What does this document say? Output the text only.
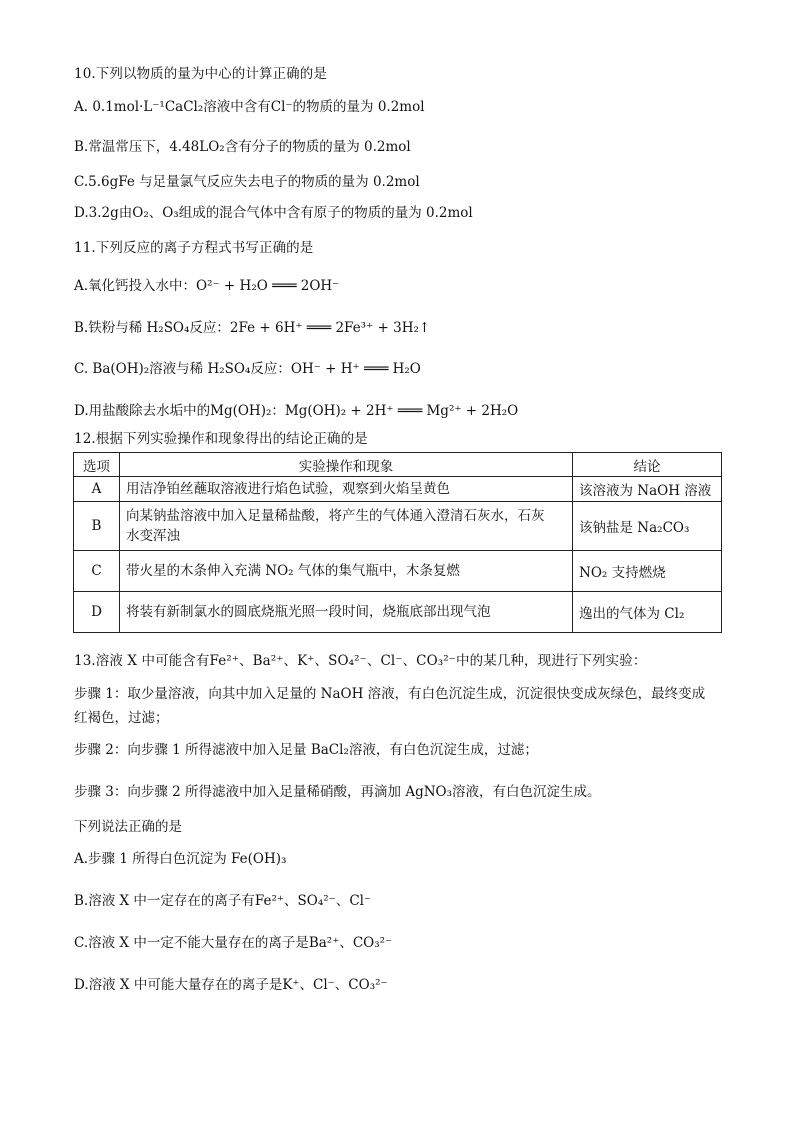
10.下列以物质的量为中心的计算正确的是
A. 0.1mol·L⁻¹CaCl₂溶液中含有Cl⁻的物质的量为 0.2mol
B.常温常压下，4.48LO₂含有分子的物质的量为 0.2mol
C.5.6gFe 与足量氯气反应失去电子的物质的量为 0.2mol
D.3.2g由O₂、O₃组成的混合气体中含有原子的物质的量为 0.2mol
11.下列反应的离子方程式书写正确的是
A.氧化钙投入水中：O²⁻ + H₂O ═══ 2OH⁻
B.铁粉与稀 H₂SO₄反应：2Fe + 6H⁺ ═══ 2Fe³⁺ + 3H₂↑
C. Ba(OH)₂溶液与稀 H₂SO₄反应：OH⁻ + H⁺ ═══ H₂O
D.用盐酸除去水垢中的Mg(OH)₂：Mg(OH)₂ + 2H⁺ ═══ Mg²⁺ + 2H₂O
12.根据下列实验操作和现象得出的结论正确的是
选项	实验操作和现象	结论
A	用洁净铂丝蘸取溶液进行焰色试验，观察到火焰呈黄色	该溶液为 NaOH 溶液
B	向某钠盐溶液中加入足量稀盐酸，将产生的气体通入澄清石灰水，石灰
水变浑浊	该钠盐是 Na₂CO₃
C	带火星的木条伸入充满 NO₂ 气体的集气瓶中，木条复燃	NO₂ 支持燃烧
D	将装有新制氯水的圆底烧瓶光照一段时间，烧瓶底部出现气泡	逸出的气体为 Cl₂
13.溶液 X 中可能含有Fe²⁺、Ba²⁺、K⁺、SO₄²⁻、Cl⁻、CO₃²⁻中的某几种，现进行下列实验：
步骤 1：取少量溶液，向其中加入足量的 NaOH 溶液，有白色沉淀生成，沉淀很快变成灰绿色，最终变成
红褐色，过滤；
步骤 2：向步骤 1 所得滤液中加入足量 BaCl₂溶液，有白色沉淀生成，过滤；
步骤 3：向步骤 2 所得滤液中加入足量稀硝酸，再滴加 AgNO₃溶液，有白色沉淀生成。
下列说法正确的是
A.步骤 1 所得白色沉淀为 Fe(OH)₃
B.溶液 X 中一定存在的离子有Fe²⁺、SO₄²⁻、Cl⁻
C.溶液 X 中一定不能大量存在的离子是Ba²⁺、CO₃²⁻
D.溶液 X 中可能大量存在的离子是K⁺、Cl⁻、CO₃²⁻
